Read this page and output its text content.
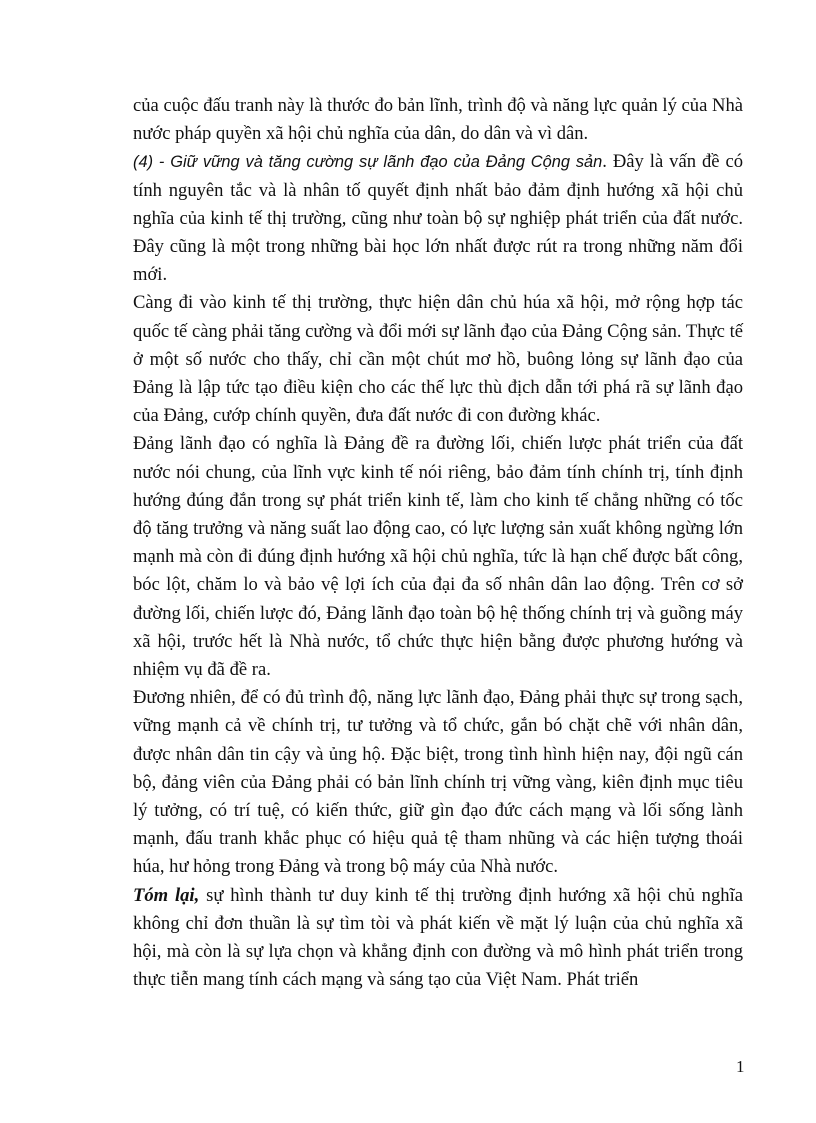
của cuộc đấu tranh này là thước đo bản lĩnh, trình độ và năng lực quản lý của Nhà nước pháp quyền xã hội chủ nghĩa của dân, do dân và vì dân.

(4) - Giữ vững và tăng cường sự lãnh đạo của Đảng Cộng sản. Đây là vấn đề có tính nguyên tắc và là nhân tố quyết định nhất bảo đảm định hướng xã hội chủ nghĩa của kinh tế thị trường, cũng như toàn bộ sự nghiệp phát triển của đất nước. Đây cũng là một trong những bài học lớn nhất được rút ra trong những năm đổi mới.

Càng đi vào kinh tế thị trường, thực hiện dân chủ húa xã hội, mở rộng hợp tác quốc tế càng phải tăng cường và đổi mới sự lãnh đạo của Đảng Cộng sản. Thực tế ở một số nước cho thấy, chỉ cần một chút mơ hồ, buông lỏng sự lãnh đạo của Đảng là lập tức tạo điều kiện cho các thế lực thù địch dẫn tới phá rã sự lãnh đạo của Đảng, cướp chính quyền, đưa đất nước đi con đường khác.

Đảng lãnh đạo có nghĩa là Đảng đề ra đường lối, chiến lược phát triển của đất nước nói chung, của lĩnh vực kinh tế nói riêng, bảo đảm tính chính trị, tính định hướng đúng đắn trong sự phát triển kinh tế, làm cho kinh tế chẳng những có tốc độ tăng trưởng và năng suất lao động cao, có lực lượng sản xuất không ngừng lớn mạnh mà còn đi đúng định hướng xã hội chủ nghĩa, tức là hạn chế được bất công, bóc lột, chăm lo và bảo vệ lợi ích của đại đa số nhân dân lao động. Trên cơ sở đường lối, chiến lược đó, Đảng lãnh đạo toàn bộ hệ thống chính trị và guồng máy xã hội, trước hết là Nhà nước, tổ chức thực hiện bằng được phương hướng và nhiệm vụ đã đề ra.

Đương nhiên, để có đủ trình độ, năng lực lãnh đạo, Đảng phải thực sự trong sạch, vững mạnh cả về chính trị, tư tưởng và tổ chức, gắn bó chặt chẽ với nhân dân, được nhân dân tin cậy và ủng hộ. Đặc biệt, trong tình hình hiện nay, đội ngũ cán bộ, đảng viên của Đảng phải có bản lĩnh chính trị vững vàng, kiên định mục tiêu lý tưởng, có trí tuệ, có kiến thức, giữ gìn đạo đức cách mạng và lối sống lành mạnh, đấu tranh khắc phục có hiệu quả tệ tham nhũng và các hiện tượng thoái húa, hư hỏng trong Đảng và trong bộ máy của Nhà nước.

Tóm lại, sự hình thành tư duy kinh tế thị trường định hướng xã hội chủ nghĩa không chỉ đơn thuần là sự tìm tòi và phát kiến về mặt lý luận của chủ nghĩa xã hội, mà còn là sự lựa chọn và khẳng định con đường và mô hình phát triển trong thực tiễn mang tính cách mạng và sáng tạo của Việt Nam. Phát triển

1
